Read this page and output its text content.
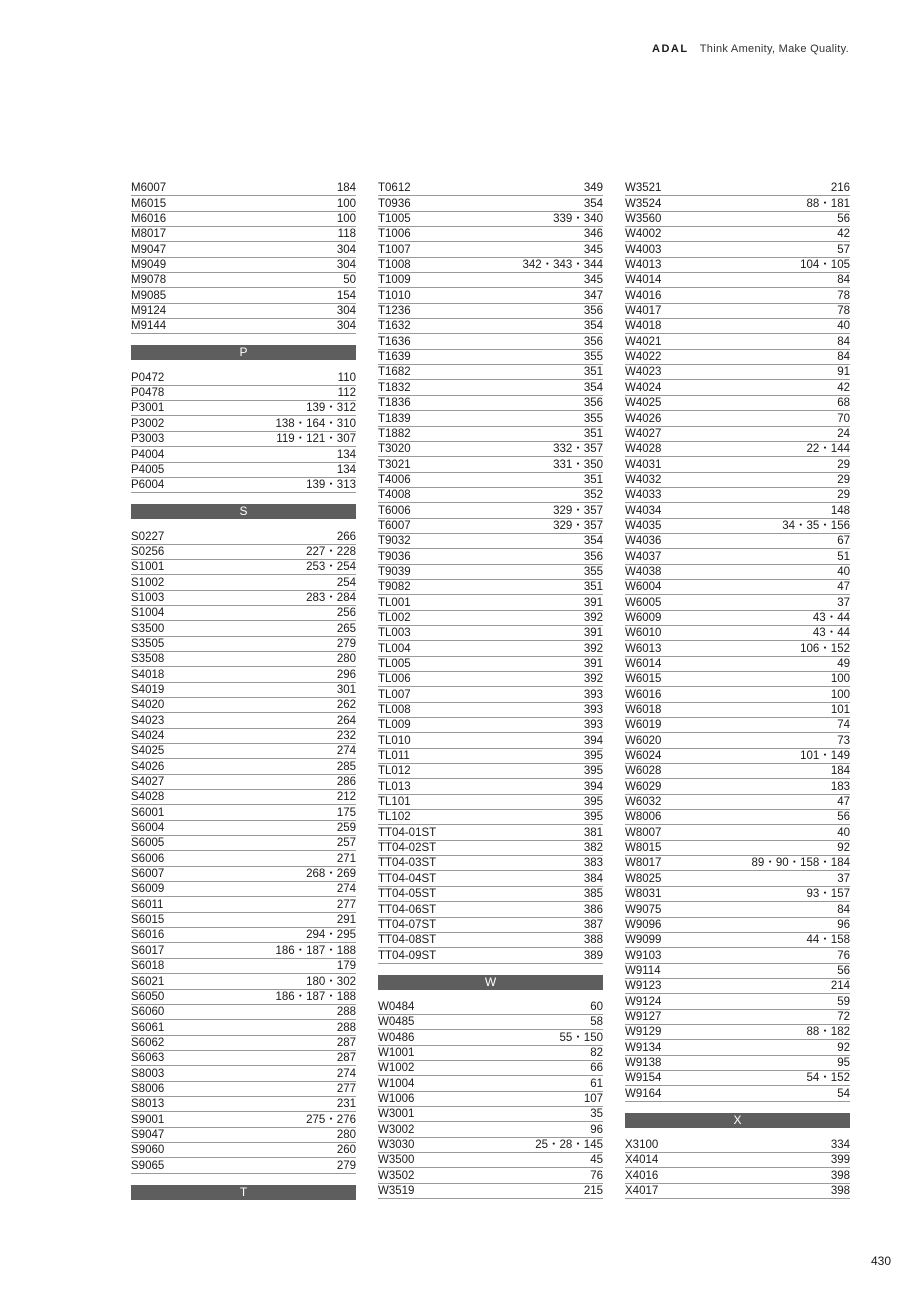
ADAL Think Amenity, Make Quality.
M6007	184
M6015	100
M6016	100
M8017	118
M9047	304
M9049	304
M9078	50
M9085	154
M9124	304
M9144	304
P
P0472	110
P0478	112
P3001	139・312
P3002	138・164・310
P3003	119・121・307
P4004	134
P4005	134
P6004	139・313
S
S0227	266
S0256	227・228
S1001	253・254
S1002	254
S1003	283・284
S1004	256
S3500	265
S3505	279
S3508	280
S4018	296
S4019	301
S4020	262
S4023	264
S4024	232
S4025	274
S4026	285
S4027	286
S4028	212
S6001	175
S6004	259
S6005	257
S6006	271
S6007	268・269
S6009	274
S6011	277
S6015	291
S6016	294・295
S6017	186・187・188
S6018	179
S6021	180・302
S6050	186・187・188
S6060	288
S6061	288
S6062	287
S6063	287
S8003	274
S8006	277
S8013	231
S9001	275・276
S9047	280
S9060	260
S9065	279
T
T0612	349
T0936	354
T1005	339・340
T1006	346
T1007	345
T1008	342・343・344
T1009	345
T1010	347
T1236	356
T1632	354
T1636	356
T1639	355
T1682	351
T1832	354
T1836	356
T1839	355
T1882	351
T3020	332・357
T3021	331・350
T4006	351
T4008	352
T6006	329・357
T6007	329・357
T9032	354
T9036	356
T9039	355
T9082	351
TL001	391
TL002	392
TL003	391
TL004	392
TL005	391
TL006	392
TL007	393
TL008	393
TL009	393
TL010	394
TL011	395
TL012	395
TL013	394
TL101	395
TL102	395
TT04-01ST	381
TT04-02ST	382
TT04-03ST	383
TT04-04ST	384
TT04-05ST	385
TT04-06ST	386
TT04-07ST	387
TT04-08ST	388
TT04-09ST	389
W
W0484	60
W0485	58
W0486	55・150
W1001	82
W1002	66
W1004	61
W1006	107
W3001	35
W3002	96
W3030	25・28・145
W3500	45
W3502	76
W3519	215
W3521	216
W3524	88・181
W3560	56
W4002	42
W4003	57
W4013	104・105
W4014	84
W4016	78
W4017	78
W4018	40
W4021	84
W4022	84
W4023	91
W4024	42
W4025	68
W4026	70
W4027	24
W4028	22・144
W4031	29
W4032	29
W4033	29
W4034	148
W4035	34・35・156
W4036	67
W4037	51
W4038	40
W6004	47
W6005	37
W6009	43・44
W6010	43・44
W6013	106・152
W6014	49
W6015	100
W6016	100
W6018	101
W6019	74
W6020	73
W6024	101・149
W6028	184
W6029	183
W6032	47
W8006	56
W8007	40
W8015	92
W8017	89・90・158・184
W8025	37
W8031	93・157
W9075	84
W9096	96
W9099	44・158
W9103	76
W9114	56
W9123	214
W9124	59
W9127	72
W9129	88・182
W9134	92
W9138	95
W9154	54・152
W9164	54
X
X3100	334
X4014	399
X4016	398
X4017	398
430
